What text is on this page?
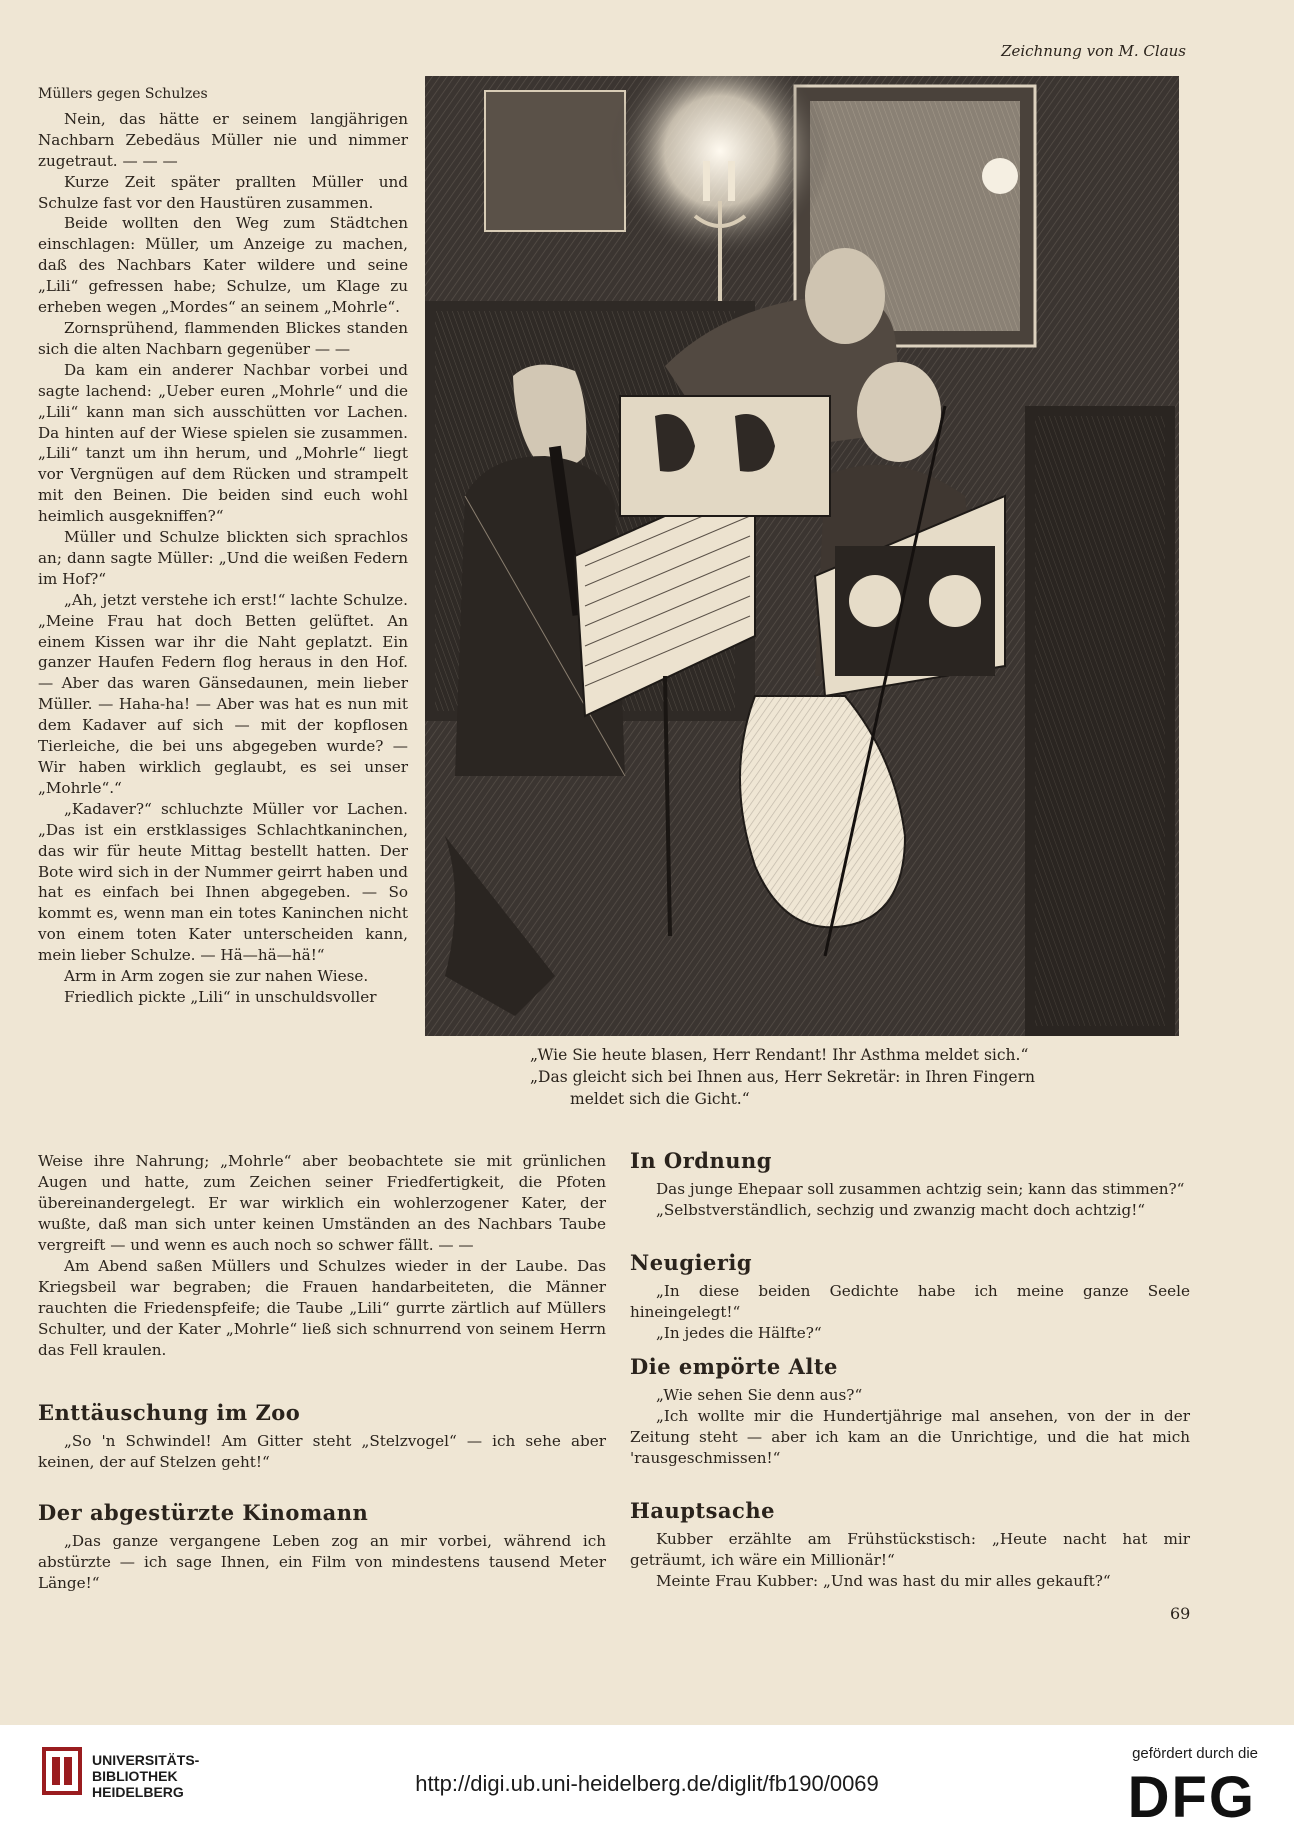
Zeichnung von M. Claus
Müllers gegen Schulzes

Nein, das hätte er seinem langjährigen Nachbarn Zebedäus Müller nie und nimmer zugetraut. — — —

Kurze Zeit später prallten Müller und Schulze fast vor den Haustüren zusammen.

Beide wollten den Weg zum Städtchen einschlagen: Müller, um Anzeige zu machen, daß des Nachbars Kater wildere und seine „Lili“ gefressen habe; Schulze, um Klage zu erheben wegen „Mordes“ an seinem „Mohrle“.

Zornsprühend, flammenden Blickes standen sich die alten Nachbarn gegenüber — —

Da kam ein anderer Nachbar vorbei und sagte lachend: „Ueber euren „Mohrle“ und die „Lili“ kann man sich ausschütten vor Lachen. Da hinten auf der Wiese spielen sie zusammen. „Lili“ tanzt um ihn herum, und „Mohrle“ liegt vor Vergnügen auf dem Rücken und strampelt mit den Beinen. Die beiden sind euch wohl heimlich ausgekniffen?“

Müller und Schulze blickten sich sprachlos an; dann sagte Müller: „Und die weißen Federn im Hof?“

„Ah, jetzt verstehe ich erst!“ lachte Schulze. „Meine Frau hat doch Betten gelüftet. An einem Kissen war ihr die Naht geplatzt. Ein ganzer Haufen Federn flog heraus in den Hof. — Aber das waren Gänsedaunen, mein lieber Müller. — Haha-ha! — Aber was hat es nun mit dem Kadaver auf sich — mit der kopflosen Tierleiche, die bei uns abgegeben wurde? — Wir haben wirklich geglaubt, es sei unser „Mohrle“.“

„Kadaver?“ schluchzte Müller vor Lachen. „Das ist ein erstklassiges Schlachtkaninchen, das wir für heute Mittag bestellt hatten. Der Bote wird sich in der Nummer geirrt haben und hat es einfach bei Ihnen abgegeben. — So kommt es, wenn man ein totes Kaninchen nicht von einem toten Kater unterscheiden kann, mein lieber Schulze. — Hä—hä—hä!“

Arm in Arm zogen sie zur nahen Wiese.

Friedlich pickte „Lili“ in unschuldsvoller

„Wie Sie heute blasen, Herr Rendant! Ihr Asthma meldet sich.“
„Das gleicht sich bei Ihnen aus, Herr Sekretär: in Ihren Fingern
meldet sich die Gicht.“

Weise ihre Nahrung; „Mohrle“ aber beobachtete sie mit grünlichen Augen und hatte, zum Zeichen seiner Friedfertigkeit, die Pfoten übereinandergelegt. Er war wirklich ein wohlerzogener Kater, der wußte, daß man sich unter keinen Umständen an des Nachbars Taube vergreift — und wenn es auch noch so schwer fällt. — —

Am Abend saßen Müllers und Schulzes wieder in der Laube. Das Kriegsbeil war begraben; die Frauen handarbeiteten, die Männer rauchten die Friedenspfeife; die Taube „Lili“ gurrte zärtlich auf Müllers Schulter, und der Kater „Mohrle“ ließ sich schnurrend von seinem Herrn das Fell kraulen.

Enttäuschung im Zoo

„So 'n Schwindel! Am Gitter steht „Stelzvogel“ — ich sehe aber keinen, der auf Stelzen geht!“

Der abgestürzte Kinomann

„Das ganze vergangene Leben zog an mir vorbei, während ich abstürzte — ich sage Ihnen, ein Film von mindestens tausend Meter Länge!“

In Ordnung

Das junge Ehepaar soll zusammen achtzig sein; kann das stimmen?“

„Selbstverständlich, sechzig und zwanzig macht doch achtzig!“

Neugierig

„In diese beiden Gedichte habe ich meine ganze Seele hineingelegt!“

„In jedes die Hälfte?“

Die empörte Alte

„Wie sehen Sie denn aus?“

„Ich wollte mir die Hundertjährige mal ansehen, von der in der Zeitung steht — aber ich kam an die Unrichtige, und die hat mich 'rausgeschmissen!“

Hauptsache

Kubber erzählte am Frühstückstisch: „Heute nacht hat mir geträumt, ich wäre ein Millionär!“

Meinte Frau Kubber: „Und was hast du mir alles gekauft?“

69
UNIVERSITÄTS-
BIBLIOTHEK
HEIDELBERG	http://digi.ub.uni-heidelberg.de/diglit/fb190/0069
gefördert durch die
DFG
